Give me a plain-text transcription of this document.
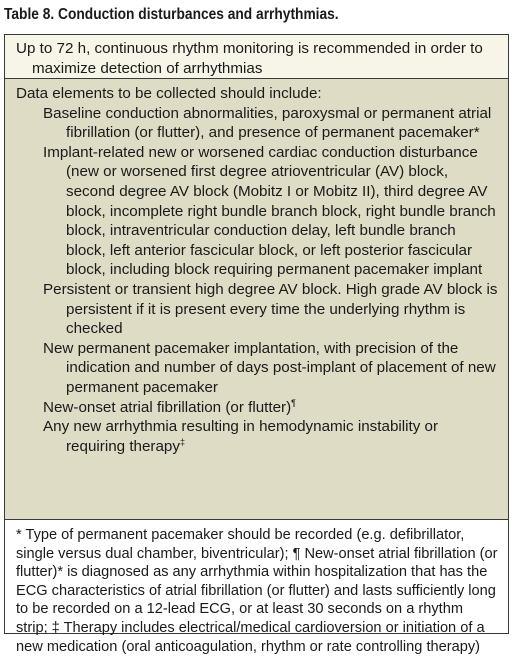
Table 8. Conduction disturbances and arrhythmias.

Up to 72 h, continuous rhythm monitoring is recommended in order to maximize detection of arrhythmias

Data elements to be collected should include:

Baseline conduction abnormalities, paroxysmal or permanent atrial fibrillation (or flutter), and presence of permanent pacemaker*
Implant-related new or worsened cardiac conduction disturbance (new or worsened first degree atrioventricular (AV) block, second degree AV block (Mobitz I or Mobitz II), third degree AV block, incomplete right bundle branch block, right bundle branch block, intraventricular conduction delay, left bundle branch block, left anterior fascicular block, or left posterior fascicular block, including block requiring permanent pacemaker implant
Persistent or transient high degree AV block. High grade AV block is persistent if it is present every time the underlying rhythm is checked
New permanent pacemaker implantation, with precision of the indication and number of days post-implant of placement of new permanent pacemaker
New-onset atrial fibrillation (or flutter)¶
Any new arrhythmia resulting in hemodynamic instability or requiring therapy‡

* Type of permanent pacemaker should be recorded (e.g. defibrillator, single versus dual chamber, biventricular); ¶ New-onset atrial fibrillation (or flutter)* is diagnosed as any arrhythmia within hospitalization that has the ECG characteristics of atrial fibrillation (or flutter) and lasts sufficiently long to be recorded on a 12-lead ECG, or at least 30 seconds on a rhythm strip; ‡ Therapy includes electrical/medical cardioversion or initiation of a new medication (oral anticoagulation, rhythm or rate controlling therapy)
